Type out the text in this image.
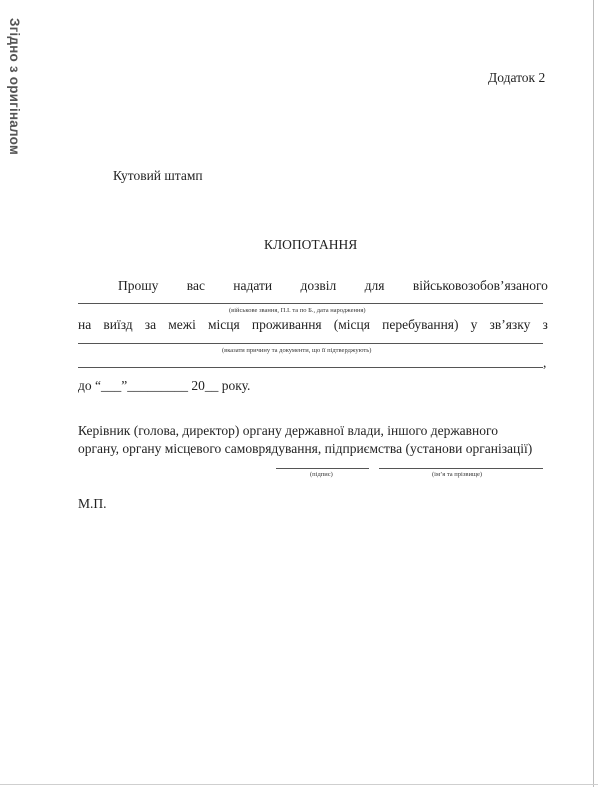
Згідно з оригіналом	Додаток 2
Кутовий штамп
КЛОПОТАННЯ
Прошу вас надати дозвіл для військовозобов’язаного
(військове звання, П.І. та по Б., дата народження)
на виїзд за межі місця проживання (місця перебування) у зв’язку з
(вказати причину та документи, що її підтверджують)
,
до “___”_________ 20__ року.
Керівник (голова, директор) органу державної влади, іншого державного
органу, органу місцевого самоврядування, підприємства (установи організації)
(підпис)	(ім’я та прізвище)
М.П.
